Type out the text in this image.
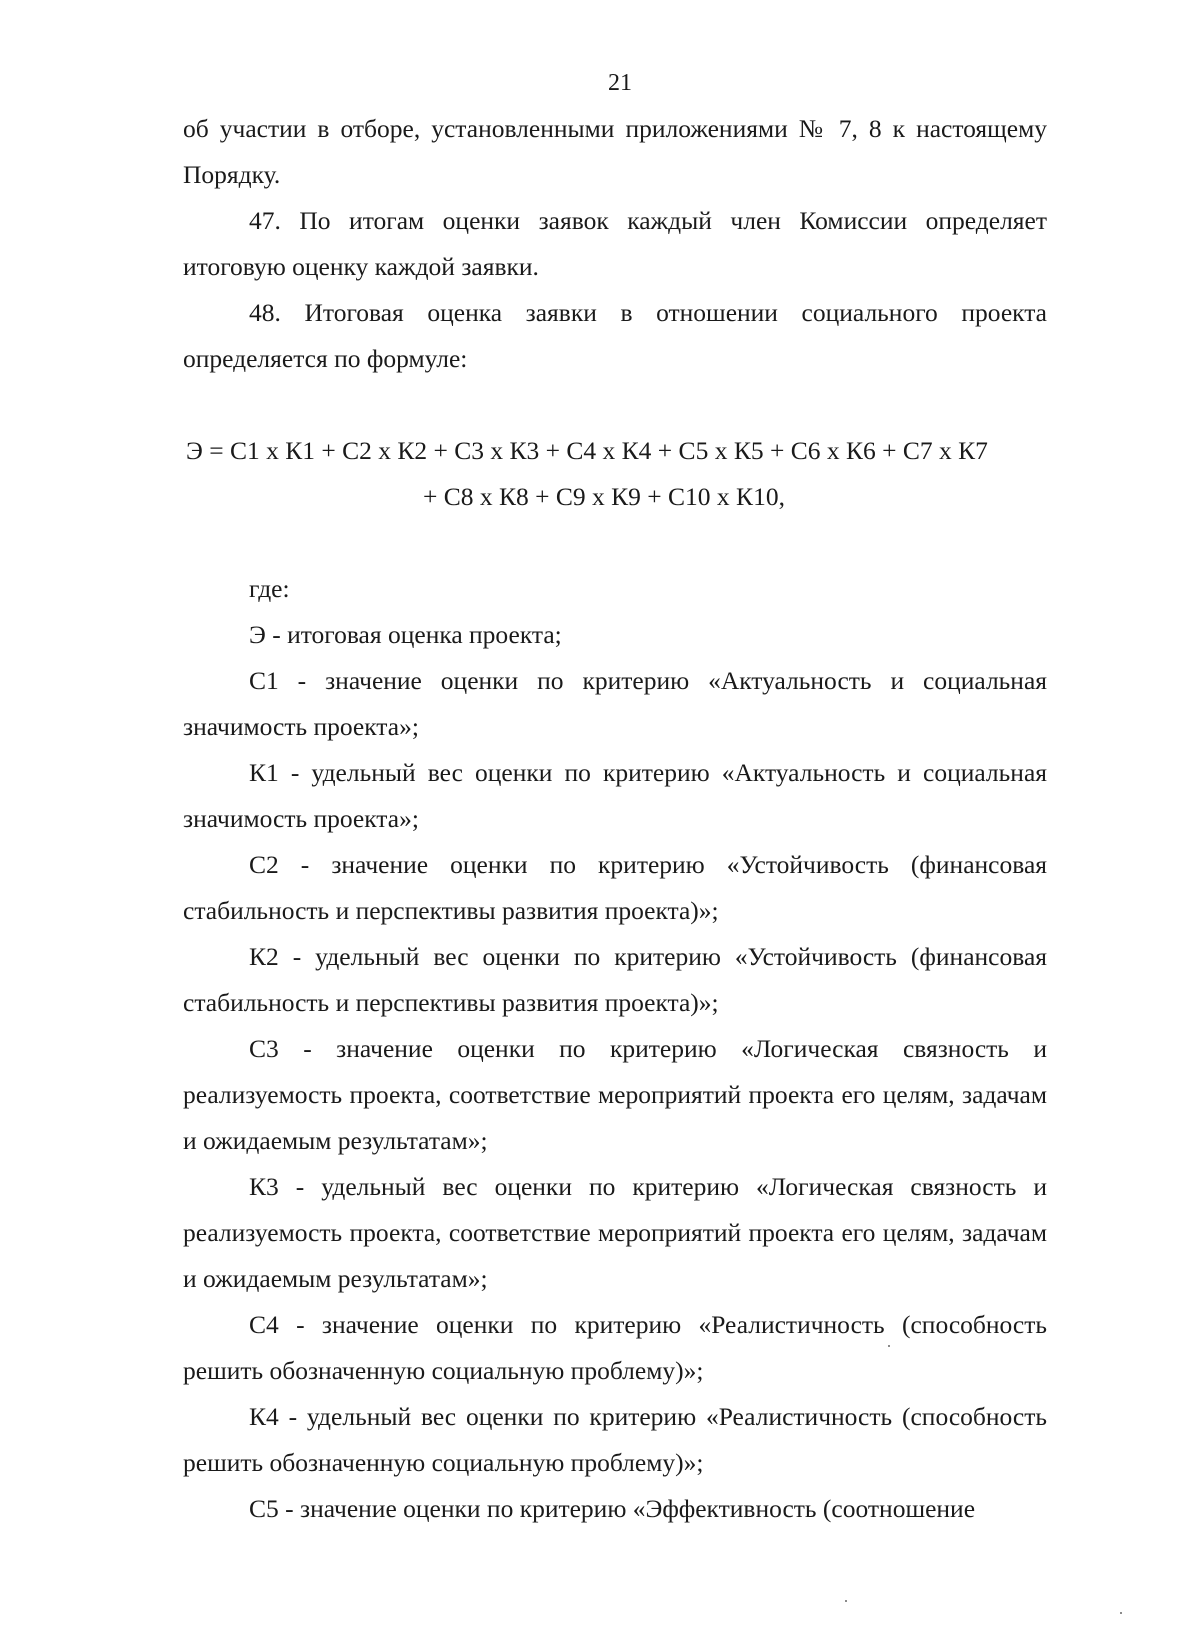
21

об участии в отборе, установленными приложениями № 7, 8 к настоящему Порядку.

47. По итогам оценки заявок каждый член Комиссии определяет итоговую оценку каждой заявки.

48. Итоговая оценка заявки в отношении социального проекта определяется по формуле:

Э = С1 х К1 + С2 х К2 + С3 х К3 + С4 х К4 + С5 х К5 + С6 х К6 + С7 х К7
+ С8 х К8 + С9 х К9 + С10 х К10,

где:

Э - итоговая оценка проекта;

С1 - значение оценки по критерию «Актуальность и социальная значимость проекта»;

К1 - удельный вес оценки по критерию «Актуальность и социальная значимость проекта»;

С2 - значение оценки по критерию «Устойчивость (финансовая стабильность и перспективы развития проекта)»;

К2 - удельный вес оценки по критерию «Устойчивость (финансовая стабильность и перспективы развития проекта)»;

С3 - значение оценки по критерию «Логическая связность и реализуемость проекта, соответствие мероприятий проекта его целям, задачам и ожидаемым результатам»;

К3 - удельный вес оценки по критерию «Логическая связность и реализуемость проекта, соответствие мероприятий проекта его целям, задачам и ожидаемым результатам»;

С4 - значение оценки по критерию «Реалистичность (способность решить обозначенную социальную проблему)»;

К4 - удельный вес оценки по критерию «Реалистичность (способность решить обозначенную социальную проблему)»;

С5 - значение оценки по критерию «Эффективность (соотношение
